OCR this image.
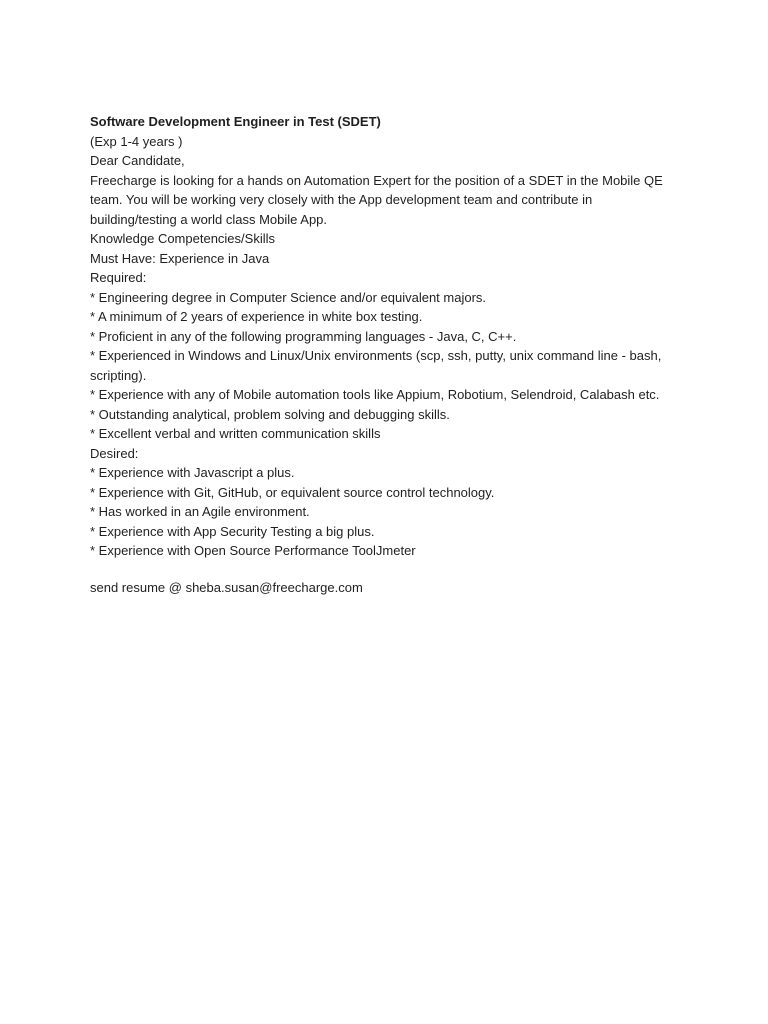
Software Development Engineer in Test (SDET)

(Exp 1-4 years )

Dear Candidate,

Freecharge is looking for a hands on Automation Expert for the position of a SDET in the Mobile QE team. You will be working very closely with the App development team and contribute in building/testing a world class Mobile App.

Knowledge Competencies/Skills

Must Have: Experience in Java

Required:

* Engineering degree in Computer Science and/or equivalent majors.

* A minimum of 2 years of experience in white box testing.

* Proficient in any of the following programming languages - Java, C, C++.

* Experienced in Windows and Linux/Unix environments (scp, ssh, putty, unix command line - bash, scripting).

* Experience with any of Mobile automation tools like Appium, Robotium, Selendroid, Calabash etc.

* Outstanding analytical, problem solving and debugging skills.

* Excellent verbal and written communication skills

Desired:

* Experience with Javascript a plus.

* Experience with Git, GitHub, or equivalent source control technology.

* Has worked in an Agile environment.

* Experience with App Security Testing a big plus.

* Experience with Open Source Performance ToolJmeter

send resume @ sheba.susan@freecharge.com
